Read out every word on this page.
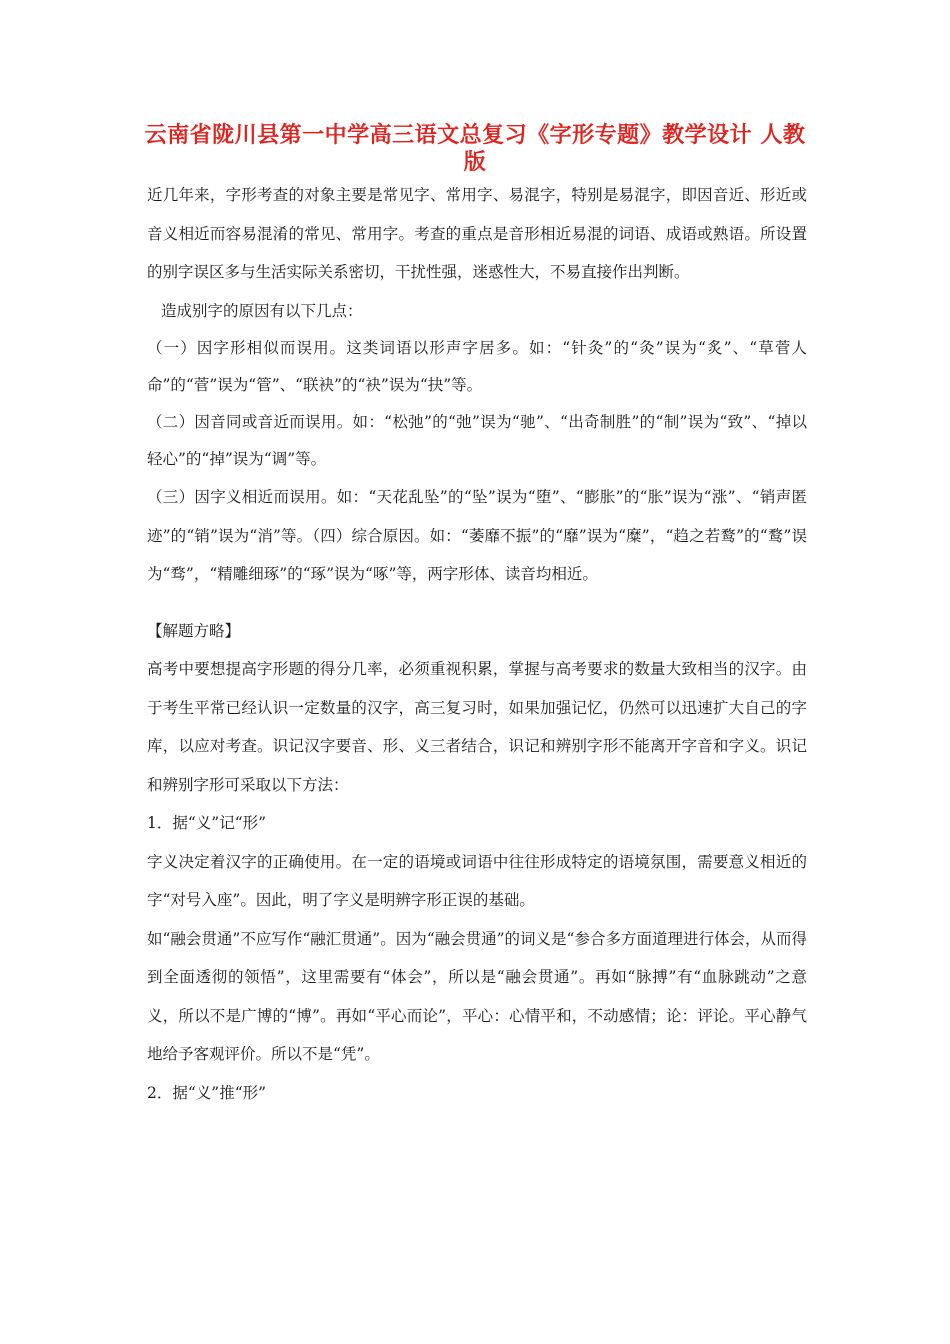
云南省陇川县第一中学高三语文总复习《字形专题》教学设计 人教版

近几年来，字形考查的对象主要是常见字、常用字、易混字，特别是易混字，即因音近、形近或音义相近而容易混淆的常见、常用字。考查的重点是音形相近易混的词语、成语或熟语。所设置的别字误区多与生活实际关系密切，干扰性强，迷惑性大，不易直接作出判断。

造成别字的原因有以下几点：

（一）因字形相似而误用。这类词语以形声字居多。如：“针灸”的“灸”误为“炙”、“草菅人命”的“菅”误为“管”、“联袂”的“袂”误为“抉”等。

（二）因音同或音近而误用。如：“松弛”的“弛”误为“驰”、“出奇制胜”的“制”误为“致”、“掉以轻心”的“掉”误为“调”等。

（三）因字义相近而误用。如：“天花乱坠”的“坠”误为“堕”、“膨胀”的“胀”误为“涨”、“销声匿迹”的“销”误为“消”等。（四）综合原因。如：“萎靡不振”的“靡”误为“糜”，“趋之若鹜”的“鹜”误为“骛”，“精雕细琢”的“琢”误为“啄”等，两字形体、读音均相近。

【解题方略】

高考中要想提高字形题的得分几率，必须重视积累，掌握与高考要求的数量大致相当的汉字。由于考生平常已经认识一定数量的汉字，高三复习时，如果加强记忆，仍然可以迅速扩大自己的字库，以应对考查。识记汉字要音、形、义三者结合，识记和辨别字形不能离开字音和字义。识记和辨别字形可采取以下方法：

1．据“义”记“形”

字义决定着汉字的正确使用。在一定的语境或词语中往往形成特定的语境氛围，需要意义相近的字“对号入座”。因此，明了字义是明辨字形正误的基础。

如“融会贯通”不应写作“融汇贯通”。因为“融会贯通”的词义是“参合多方面道理进行体会，从而得到全面透彻的领悟”，这里需要有“体会”，所以是“融会贯通”。再如“脉搏”有“血脉跳动”之意义，所以不是广博的“博”。再如“平心而论”，平心：心情平和，不动感情；论：评论。平心静气地给予客观评价。所以不是“凭”。

2．据“义”推“形”
